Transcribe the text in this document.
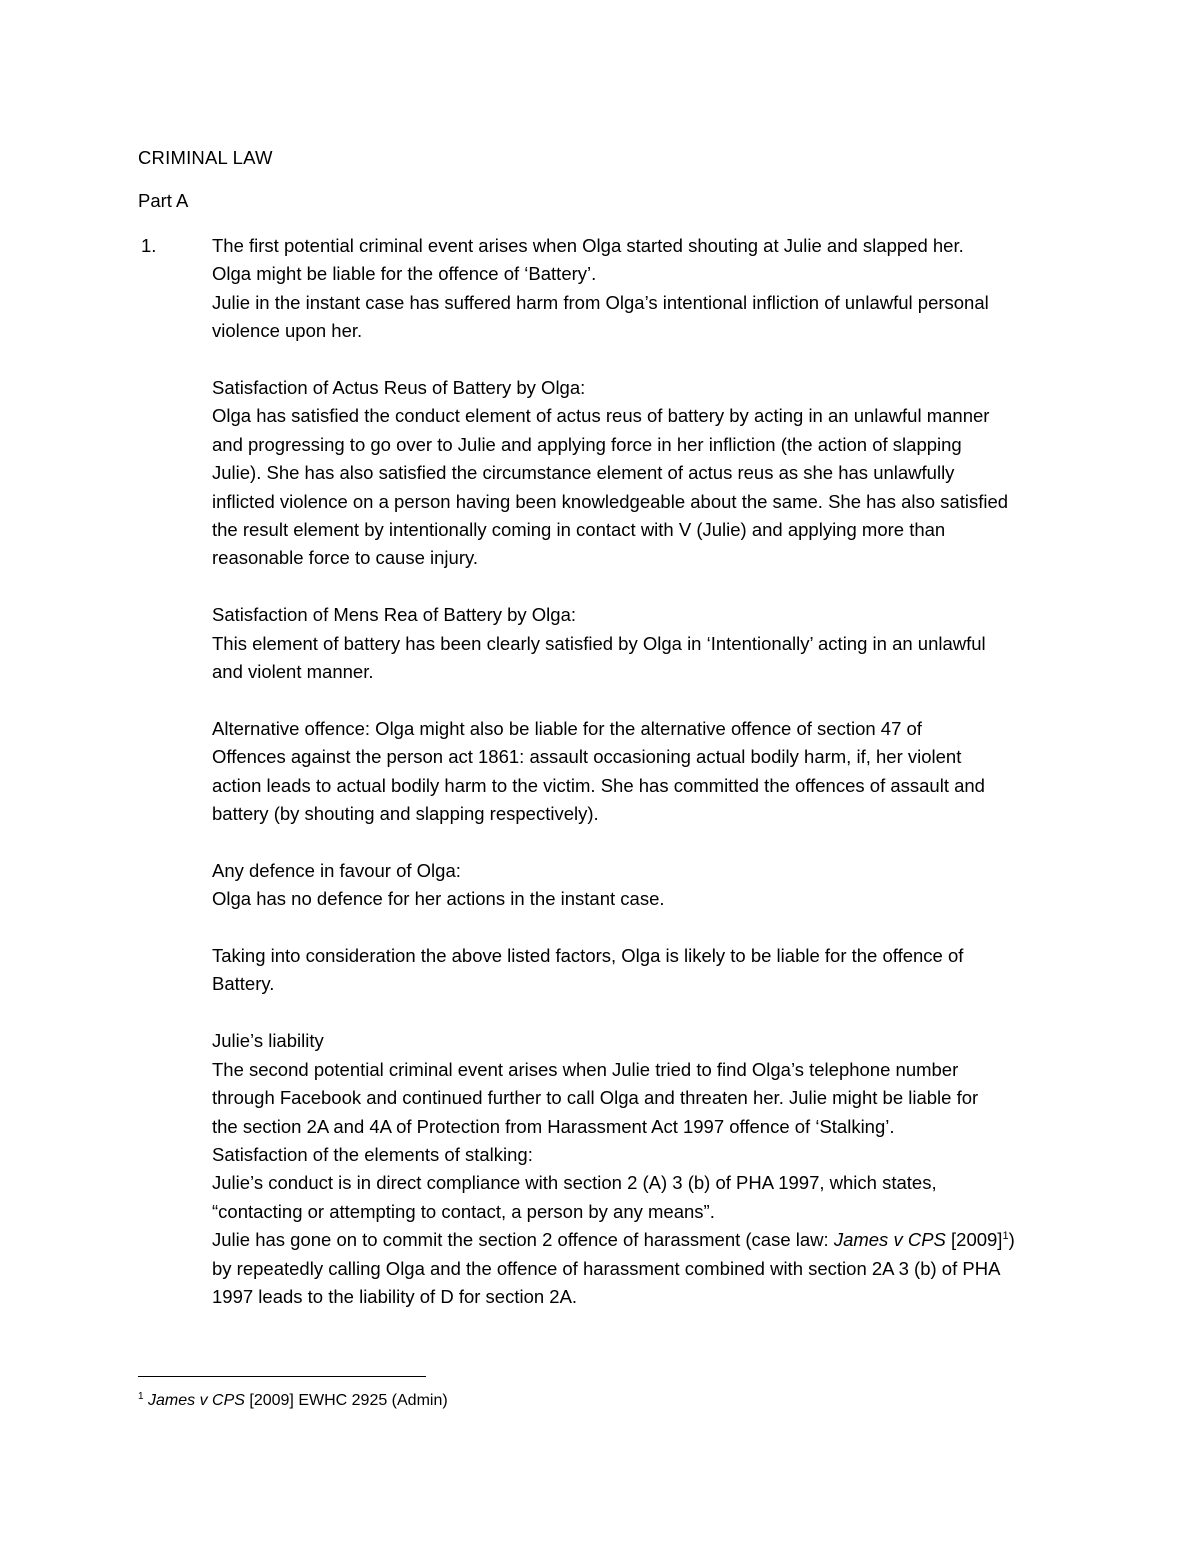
CRIMINAL LAW
Part A
1.	The first potential criminal event arises when Olga started shouting at Julie and slapped her.

Olga might be liable for the offence of ‘Battery’.

Julie in the instant case has suffered harm from Olga’s intentional infliction of unlawful personal

violence upon her.

Satisfaction of Actus Reus of Battery by Olga:

Olga has satisfied the conduct element of actus reus of battery by acting in an unlawful manner

and progressing to go over to Julie and applying force in her infliction (the action of slapping

Julie). She has also satisfied the circumstance element of actus reus as she has unlawfully

inflicted violence on a person having been knowledgeable about the same. She has also satisfied

the result element by intentionally coming in contact with V (Julie) and applying more than

reasonable force to cause injury.

Satisfaction of Mens Rea of Battery by Olga:

This element of battery has been clearly satisfied by Olga in ‘Intentionally’ acting in an unlawful

and violent manner.

Alternative offence: Olga might also be liable for the alternative offence of section 47 of

Offences against the person act 1861: assault occasioning actual bodily harm, if, her violent

action leads to actual bodily harm to the victim. She has committed the offences of assault and

battery (by shouting and slapping respectively).

Any defence in favour of Olga:

Olga has no defence for her actions in the instant case.

Taking into consideration the above listed factors, Olga is likely to be liable for the offence of

Battery.

Julie’s liability

The second potential criminal event arises when Julie tried to find Olga’s telephone number

through Facebook and continued further to call Olga and threaten her. Julie might be liable for

the section 2A and 4A of Protection from Harassment Act 1997 offence of ‘Stalking’.

Satisfaction of the elements of stalking:

Julie’s conduct is in direct compliance with section 2 (A) 3 (b) of PHA 1997, which states,

“contacting or attempting to contact, a person by any means”.

Julie has gone on to commit the section 2 offence of harassment (case law: James v CPS $[2009]^1$)

by repeatedly calling Olga and the offence of harassment combined with section 2A 3 (b) of PHA

1997 leads to the liability of D for section 2A.

$^1$ James v CPS [2009] EWHC 2925 (Admin)
